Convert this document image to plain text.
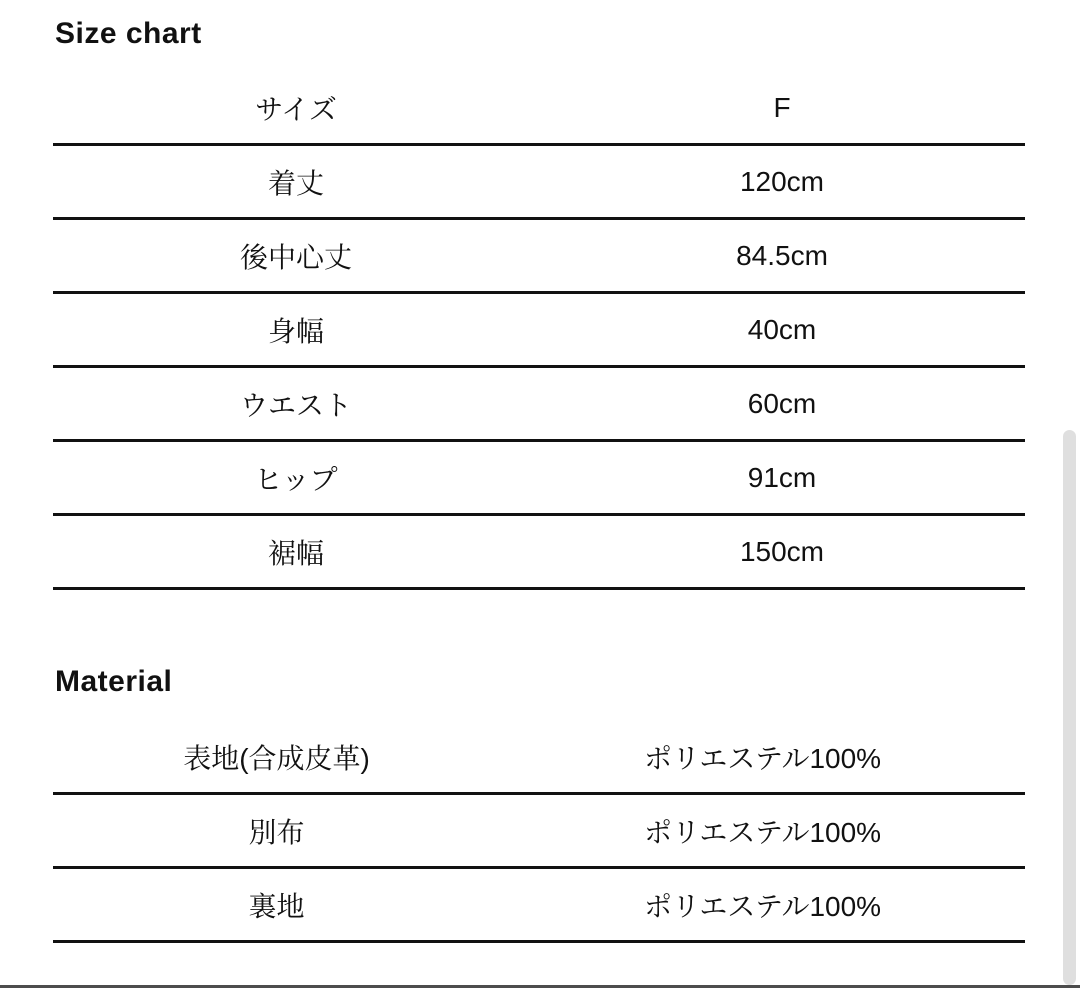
Size chart
サイズ	F
着丈	120cm
後中心丈	84.5cm
身幅	40cm
ウエスト	60cm
ヒップ	91cm
裾幅	150cm
Material
表地(合成皮革)	ポリエステル100%
別布	ポリエステル100%
裏地	ポリエステル100%
